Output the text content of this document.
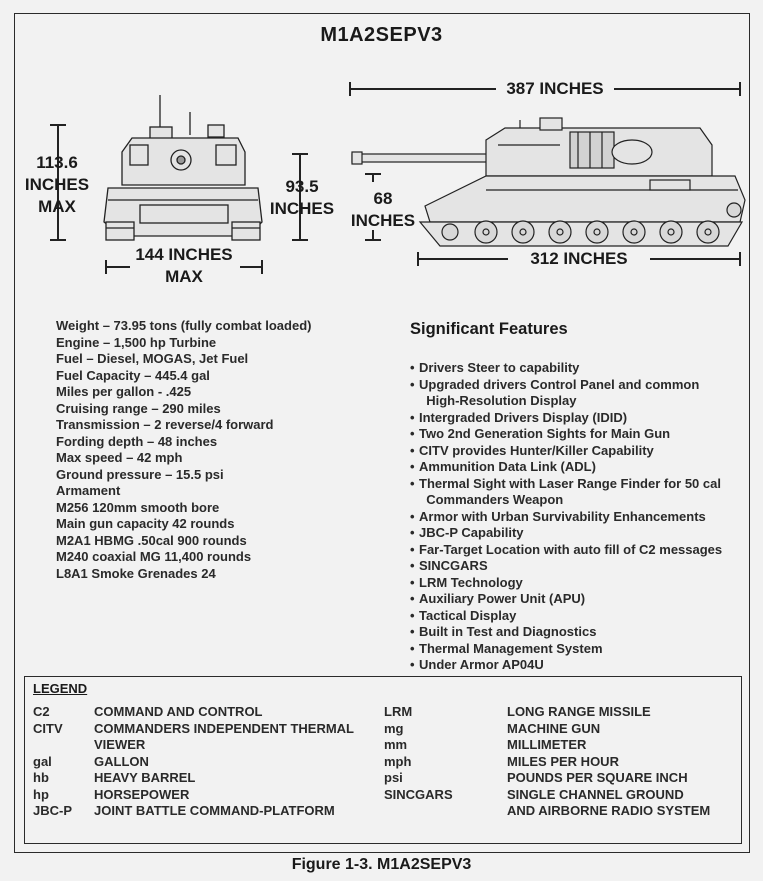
M1A2SEPV3
113.6
INCHES
MAX
93.5
INCHES
144 INCHES
MAX
387 INCHES
68
INCHES
312 INCHES
Weight – 73.95 tons (fully combat loaded)
Engine – 1,500 hp Turbine
Fuel – Diesel, MOGAS, Jet Fuel
Fuel Capacity – 445.4 gal
Miles per gallon - .425
Cruising range – 290 miles
Transmission – 2 reverse/4 forward
Fording depth – 48 inches
Max speed – 42 mph
Ground pressure – 15.5 psi
Armament
M256 120mm smooth bore
Main gun capacity 42 rounds
M2A1 HBMG .50cal 900 rounds
M240 coaxial MG 11,400 rounds
L8A1 Smoke Grenades 24
Significant Features
• Drivers Steer to capability
• Upgraded drivers Control Panel and common
High-Resolution Display
• Intergraded Drivers Display (IDID)
• Two 2nd Generation Sights for Main Gun
• CITV provides Hunter/Killer Capability
• Ammunition Data Link (ADL)
• Thermal Sight with Laser Range Finder for 50 cal
Commanders Weapon
• Armor with Urban Survivability Enhancements
• JBC-P Capability
• Far-Target Location with auto fill of C2 messages
• SINCGARS
• LRM Technology
• Auxiliary Power Unit (APU)
• Tactical Display
• Built in Test and Diagnostics
• Thermal Management System
• Under Armor AP04U
LEGEND
C2	COMMAND AND CONTROL
CITV COMMANDERS INDEPENDENT THERMAL
VIEWER
gal	GALLON
hb	HEAVY BARREL
hp	HORSEPOWER
JBC-P JOINT BATTLE COMMAND-PLATFORM
LRM	LONG RANGE MISSILE
mg	MACHINE GUN
mm	MILLIMETER
mph	MILES PER HOUR
psi	POUNDS PER SQUARE INCH
SINCGARS	SINGLE CHANNEL GROUND
AND AIRBORNE RADIO SYSTEM
Figure 1-3. M1A2SEPV3
